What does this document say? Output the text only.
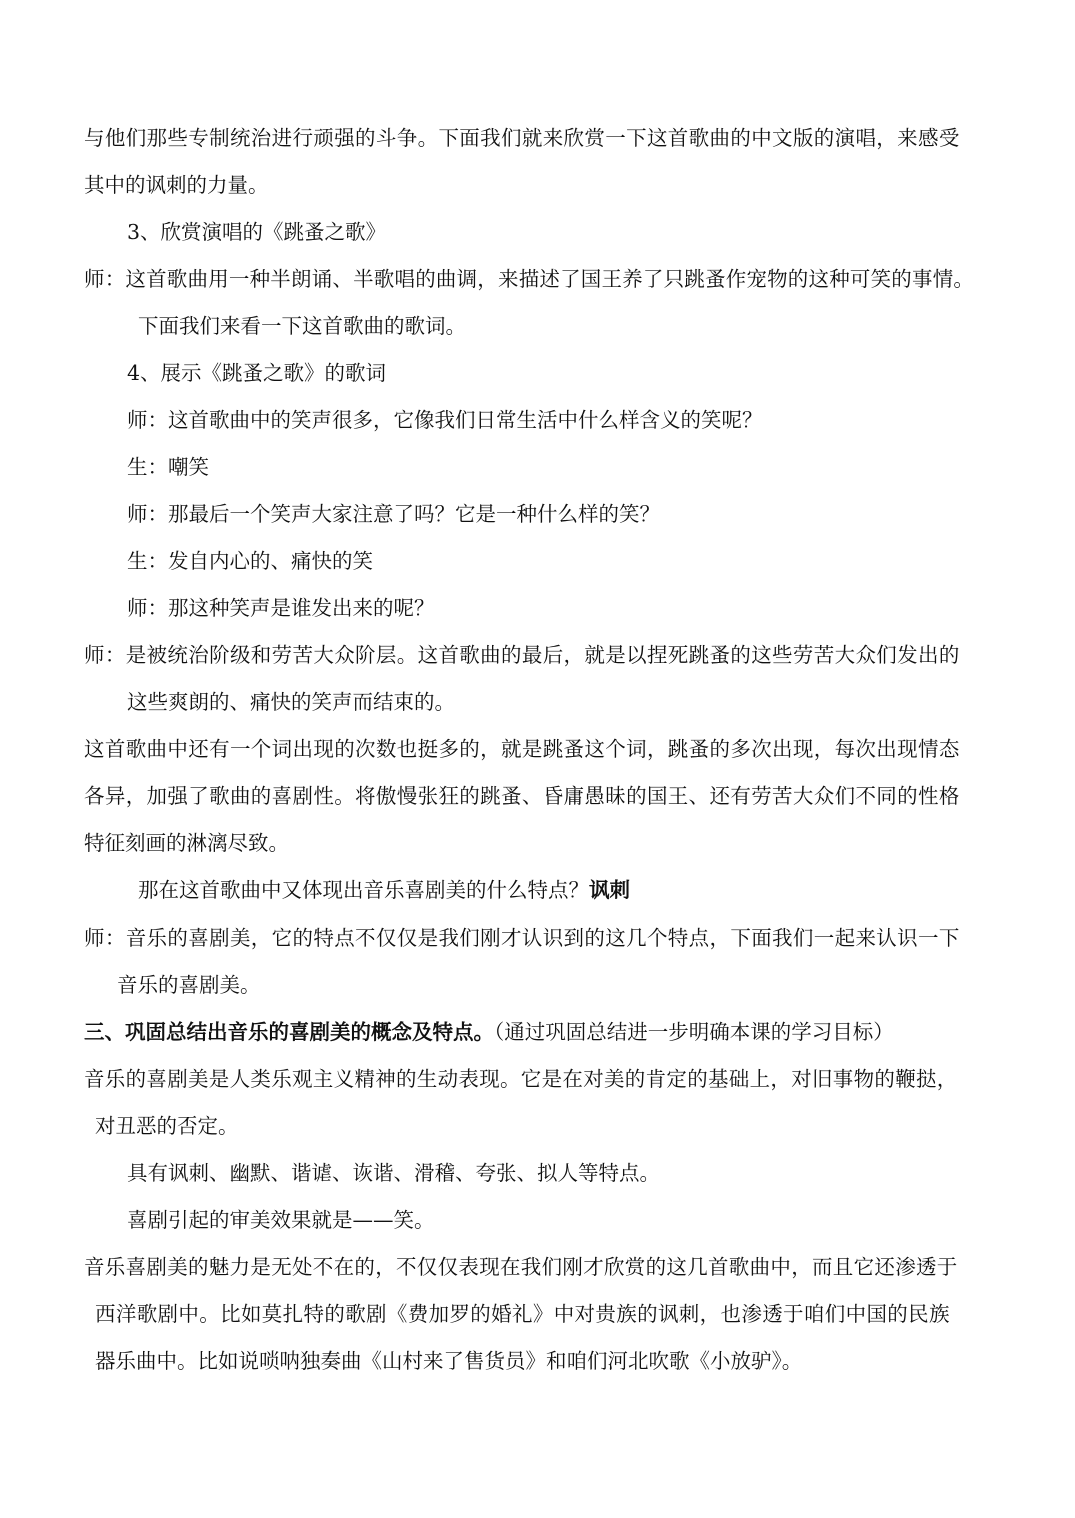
与他们那些专制统治进行顽强的斗争。下面我们就来欣赏一下这首歌曲的中文版的演唱，来感受
其中的讽刺的力量。
3、欣赏演唱的《跳蚤之歌》
师：这首歌曲用一种半朗诵、半歌唱的曲调，来描述了国王养了只跳蚤作宠物的这种可笑的事情。
下面我们来看一下这首歌曲的歌词。
4、展示《跳蚤之歌》的歌词
师：这首歌曲中的笑声很多，它像我们日常生活中什么样含义的笑呢？
生：嘲笑
师：那最后一个笑声大家注意了吗？它是一种什么样的笑？
生：发自内心的、痛快的笑
师：那这种笑声是谁发出来的呢？
师：是被统治阶级和劳苦大众阶层。这首歌曲的最后，就是以捏死跳蚤的这些劳苦大众们发出的
这些爽朗的、痛快的笑声而结束的。
这首歌曲中还有一个词出现的次数也挺多的，就是跳蚤这个词，跳蚤的多次出现，每次出现情态
各异，加强了歌曲的喜剧性。将傲慢张狂的跳蚤、昏庸愚昧的国王、还有劳苦大众们不同的性格
特征刻画的淋漓尽致。
那在这首歌曲中又体现出音乐喜剧美的什么特点？讽刺
师：音乐的喜剧美，它的特点不仅仅是我们刚才认识到的这几个特点，下面我们一起来认识一下
音乐的喜剧美。
三、巩固总结出音乐的喜剧美的概念及特点。（通过巩固总结进一步明确本课的学习目标）
音乐的喜剧美是人类乐观主义精神的生动表现。它是在对美的肯定的基础上，对旧事物的鞭挞，
对丑恶的否定。
具有讽刺、幽默、谐谑、诙谐、滑稽、夸张、拟人等特点。
喜剧引起的审美效果就是——笑。
音乐喜剧美的魅力是无处不在的，不仅仅表现在我们刚才欣赏的这几首歌曲中，而且它还渗透于
西洋歌剧中。比如莫扎特的歌剧《费加罗的婚礼》中对贵族的讽刺，也渗透于咱们中国的民族
器乐曲中。比如说唢呐独奏曲《山村来了售货员》和咱们河北吹歌《小放驴》。
